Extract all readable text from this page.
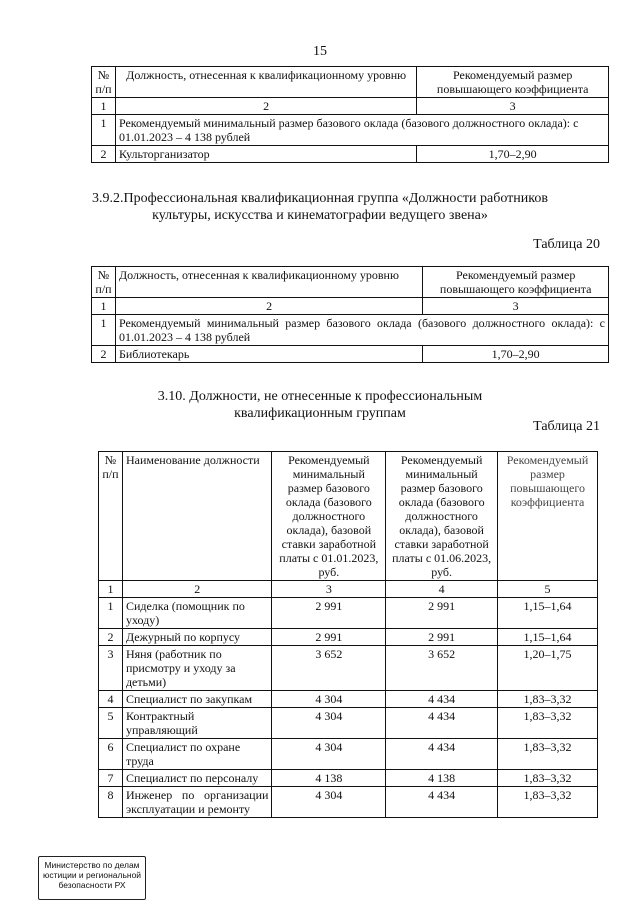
15
№ п/п	Должность, отнесенная к квалификационному уровню	Рекомендуемый размер повышающего коэффициента
1	2	3
1	Рекомендуемый минимальный размер базового оклада (базового должностного оклада): с 01.01.2023 – 4 138 рублей	
2	Культорганизатор	1,70–2,90
3.9.2.Профессиональная квалификационная группа «Должности работников
культуры, искусства и кинематографии ведущего звена»
Таблица 20
№ п/п	Должность, отнесенная к квалификационному уровню	Рекомендуемый размер повышающего коэффициента
1	2	3
1	Рекомендуемый минимальный размер базового оклада (базового должностного оклада): с 01.01.2023 – 4 138 рублей	
2	Библиотекарь	1,70–2,90
3.10. Должности, не отнесенные к профессиональным
квалификационным группам
Таблица 21
№ п/п	Наименование должности	Рекомендуемый минимальный размер базового оклада (базового должностного оклада), базовой ставки заработной платы с 01.01.2023, руб.	Рекомендуемый минимальный размер базового оклада (базового должностного оклада), базовой ставки заработной платы с 01.06.2023, руб.	Рекомендуемый размер повышающего коэффициента
1	2	3	4	5
1	Сиделка (помощник по уходу)	2 991	2 991	1,15–1,64
2	Дежурный по корпусу	2 991	2 991	1,15–1,64
3	Няня (работник по присмотру и уходу за детьми)	3 652	3 652	1,20–1,75
4	Специалист по закупкам	4 304	4 434	1,83–3,32
5	Контрактный управляющий	4 304	4 434	1,83–3,32
6	Специалист по охране труда	4 304	4 434	1,83–3,32
7	Специалист по персоналу	4 138	4 138	1,83–3,32
8	Инженер по организации эксплуатации и ремонту	4 304	4 434	1,83–3,32
Министерство по делам
юстиции и региональной
безопасности РХ
